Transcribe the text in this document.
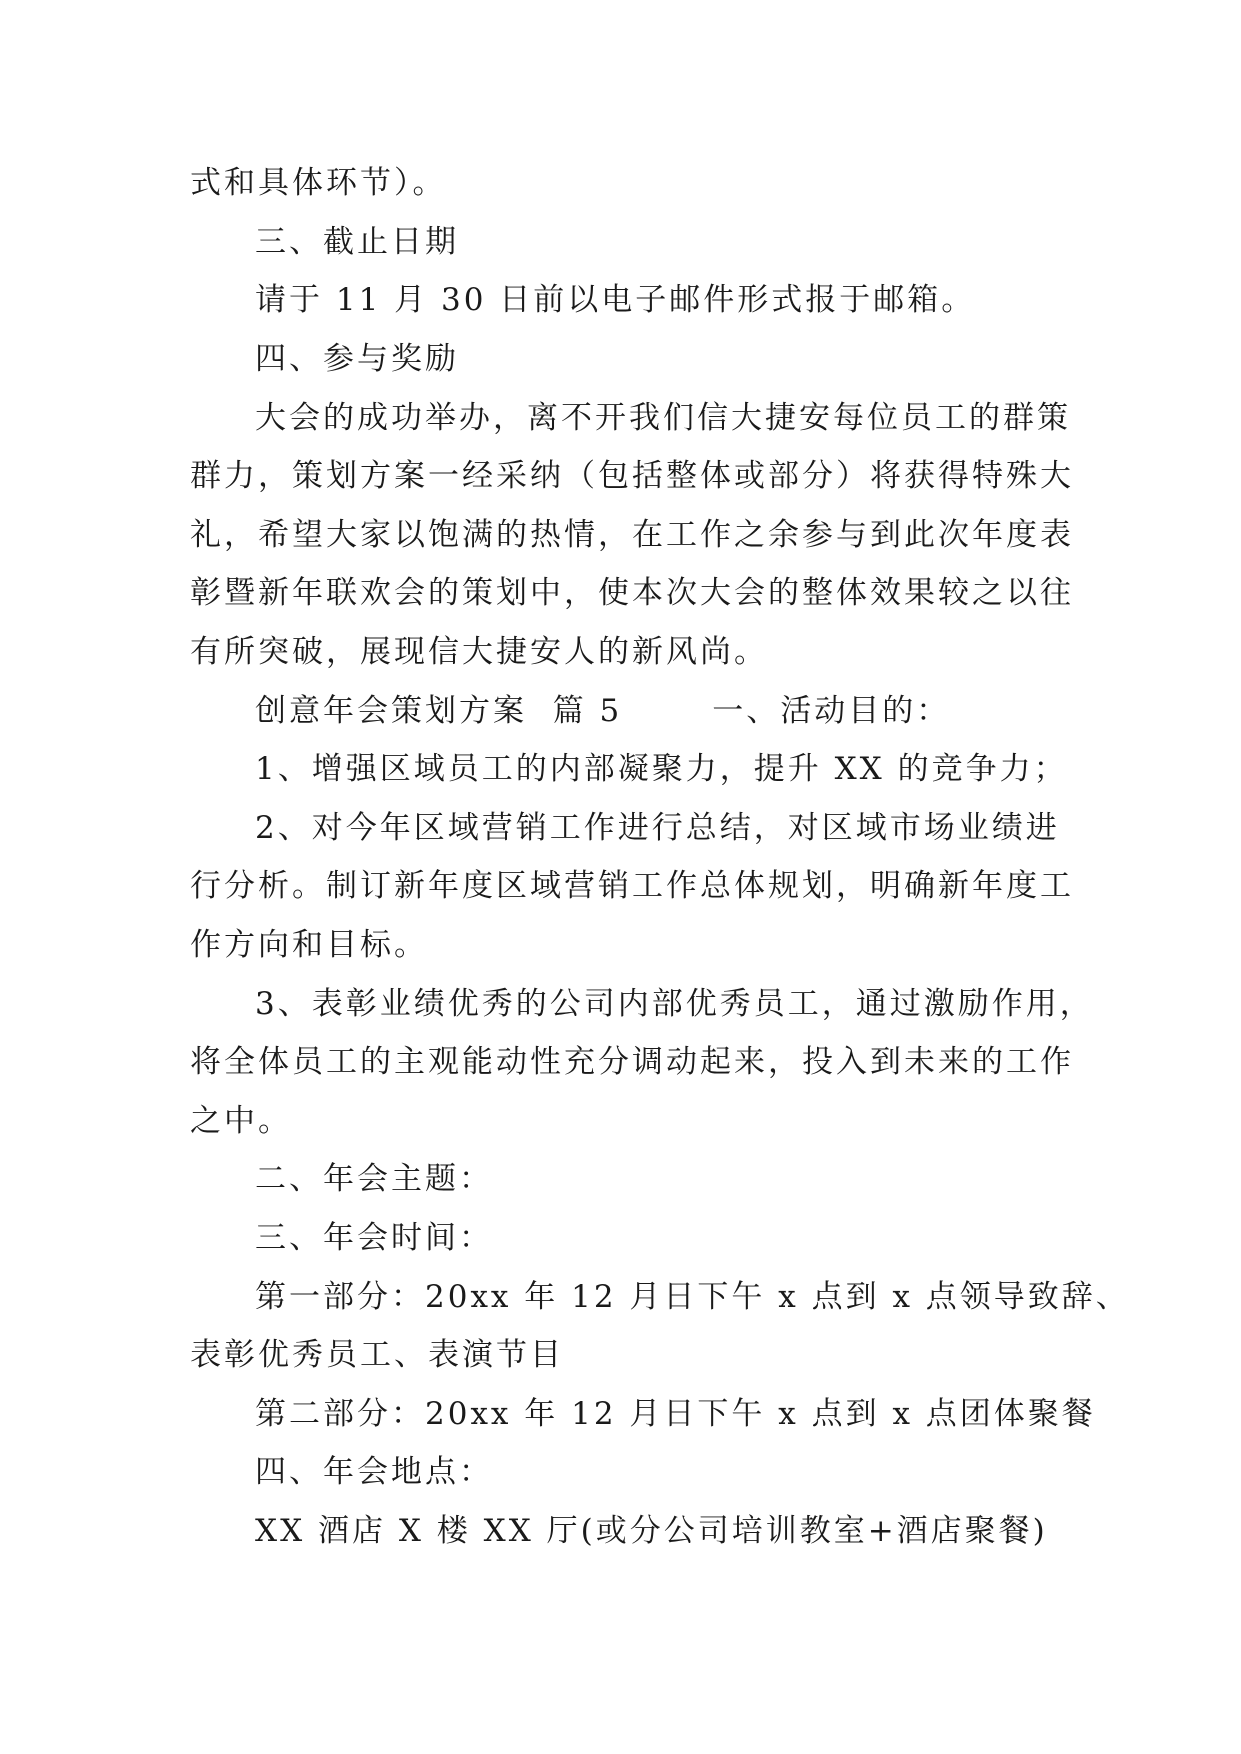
式和具体环节）。
三、截止日期
请于 11 月 30 日前以电子邮件形式报于邮箱。
四、参与奖励
大会的成功举办，离不开我们信大捷安每位员工的群策
群力，策划方案一经采纳（包括整体或部分）将获得特殊大
礼，希望大家以饱满的热情，在工作之余参与到此次年度表
彰暨新年联欢会的策划中，使本次大会的整体效果较之以往
有所突破，展现信大捷安人的新风尚。
创意年会策划方案  篇 5       一、活动目的：
1、增强区域员工的内部凝聚力，提升 XX 的竞争力；
2、对今年区域营销工作进行总结，对区域市场业绩进
行分析。制订新年度区域营销工作总体规划，明确新年度工
作方向和目标。
3、表彰业绩优秀的公司内部优秀员工，通过激励作用，
将全体员工的主观能动性充分调动起来，投入到未来的工作
之中。
二、年会主题：
三、年会时间：
第一部分：20xx 年 12 月日下午 x 点到 x 点领导致辞、
表彰优秀员工、表演节目
第二部分：20xx 年 12 月日下午 x 点到 x 点团体聚餐
四、年会地点：
XX 酒店 X 楼 XX 厅(或分公司培训教室+酒店聚餐)
